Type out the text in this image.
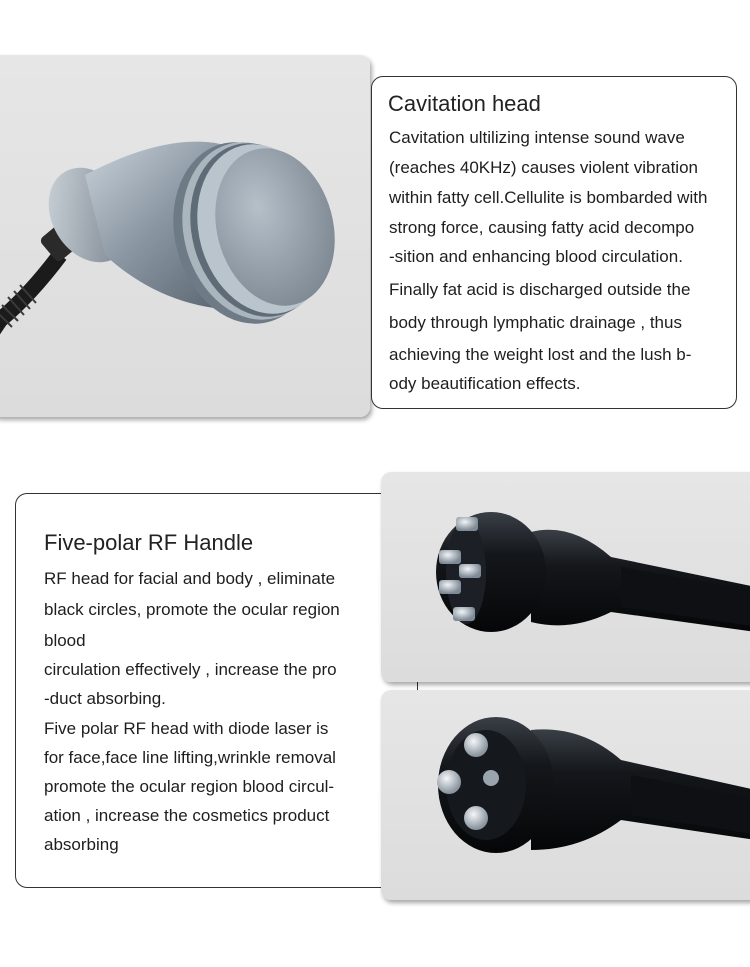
Cavitation head
Cavitation ultilizing intense sound wave
(reaches 40KHz) causes violent vibration
within fatty cell.Cellulite is bombarded with
strong force, causing fatty acid decompo
-sition and enhancing blood circulation.
Finally fat acid is discharged outside the
body through lymphatic drainage , thus
achieving the weight lost and the lush b-
ody beautification effects.
Five-polar RF Handle
RF head for facial and body , eliminate
black circles, promote the ocular region
blood
circulation effectively , increase the pro
-duct absorbing.
Five polar RF head with diode laser is
for face,face line lifting,wrinkle removal
promote the ocular region blood circul-
ation , increase the cosmetics product
absorbing
